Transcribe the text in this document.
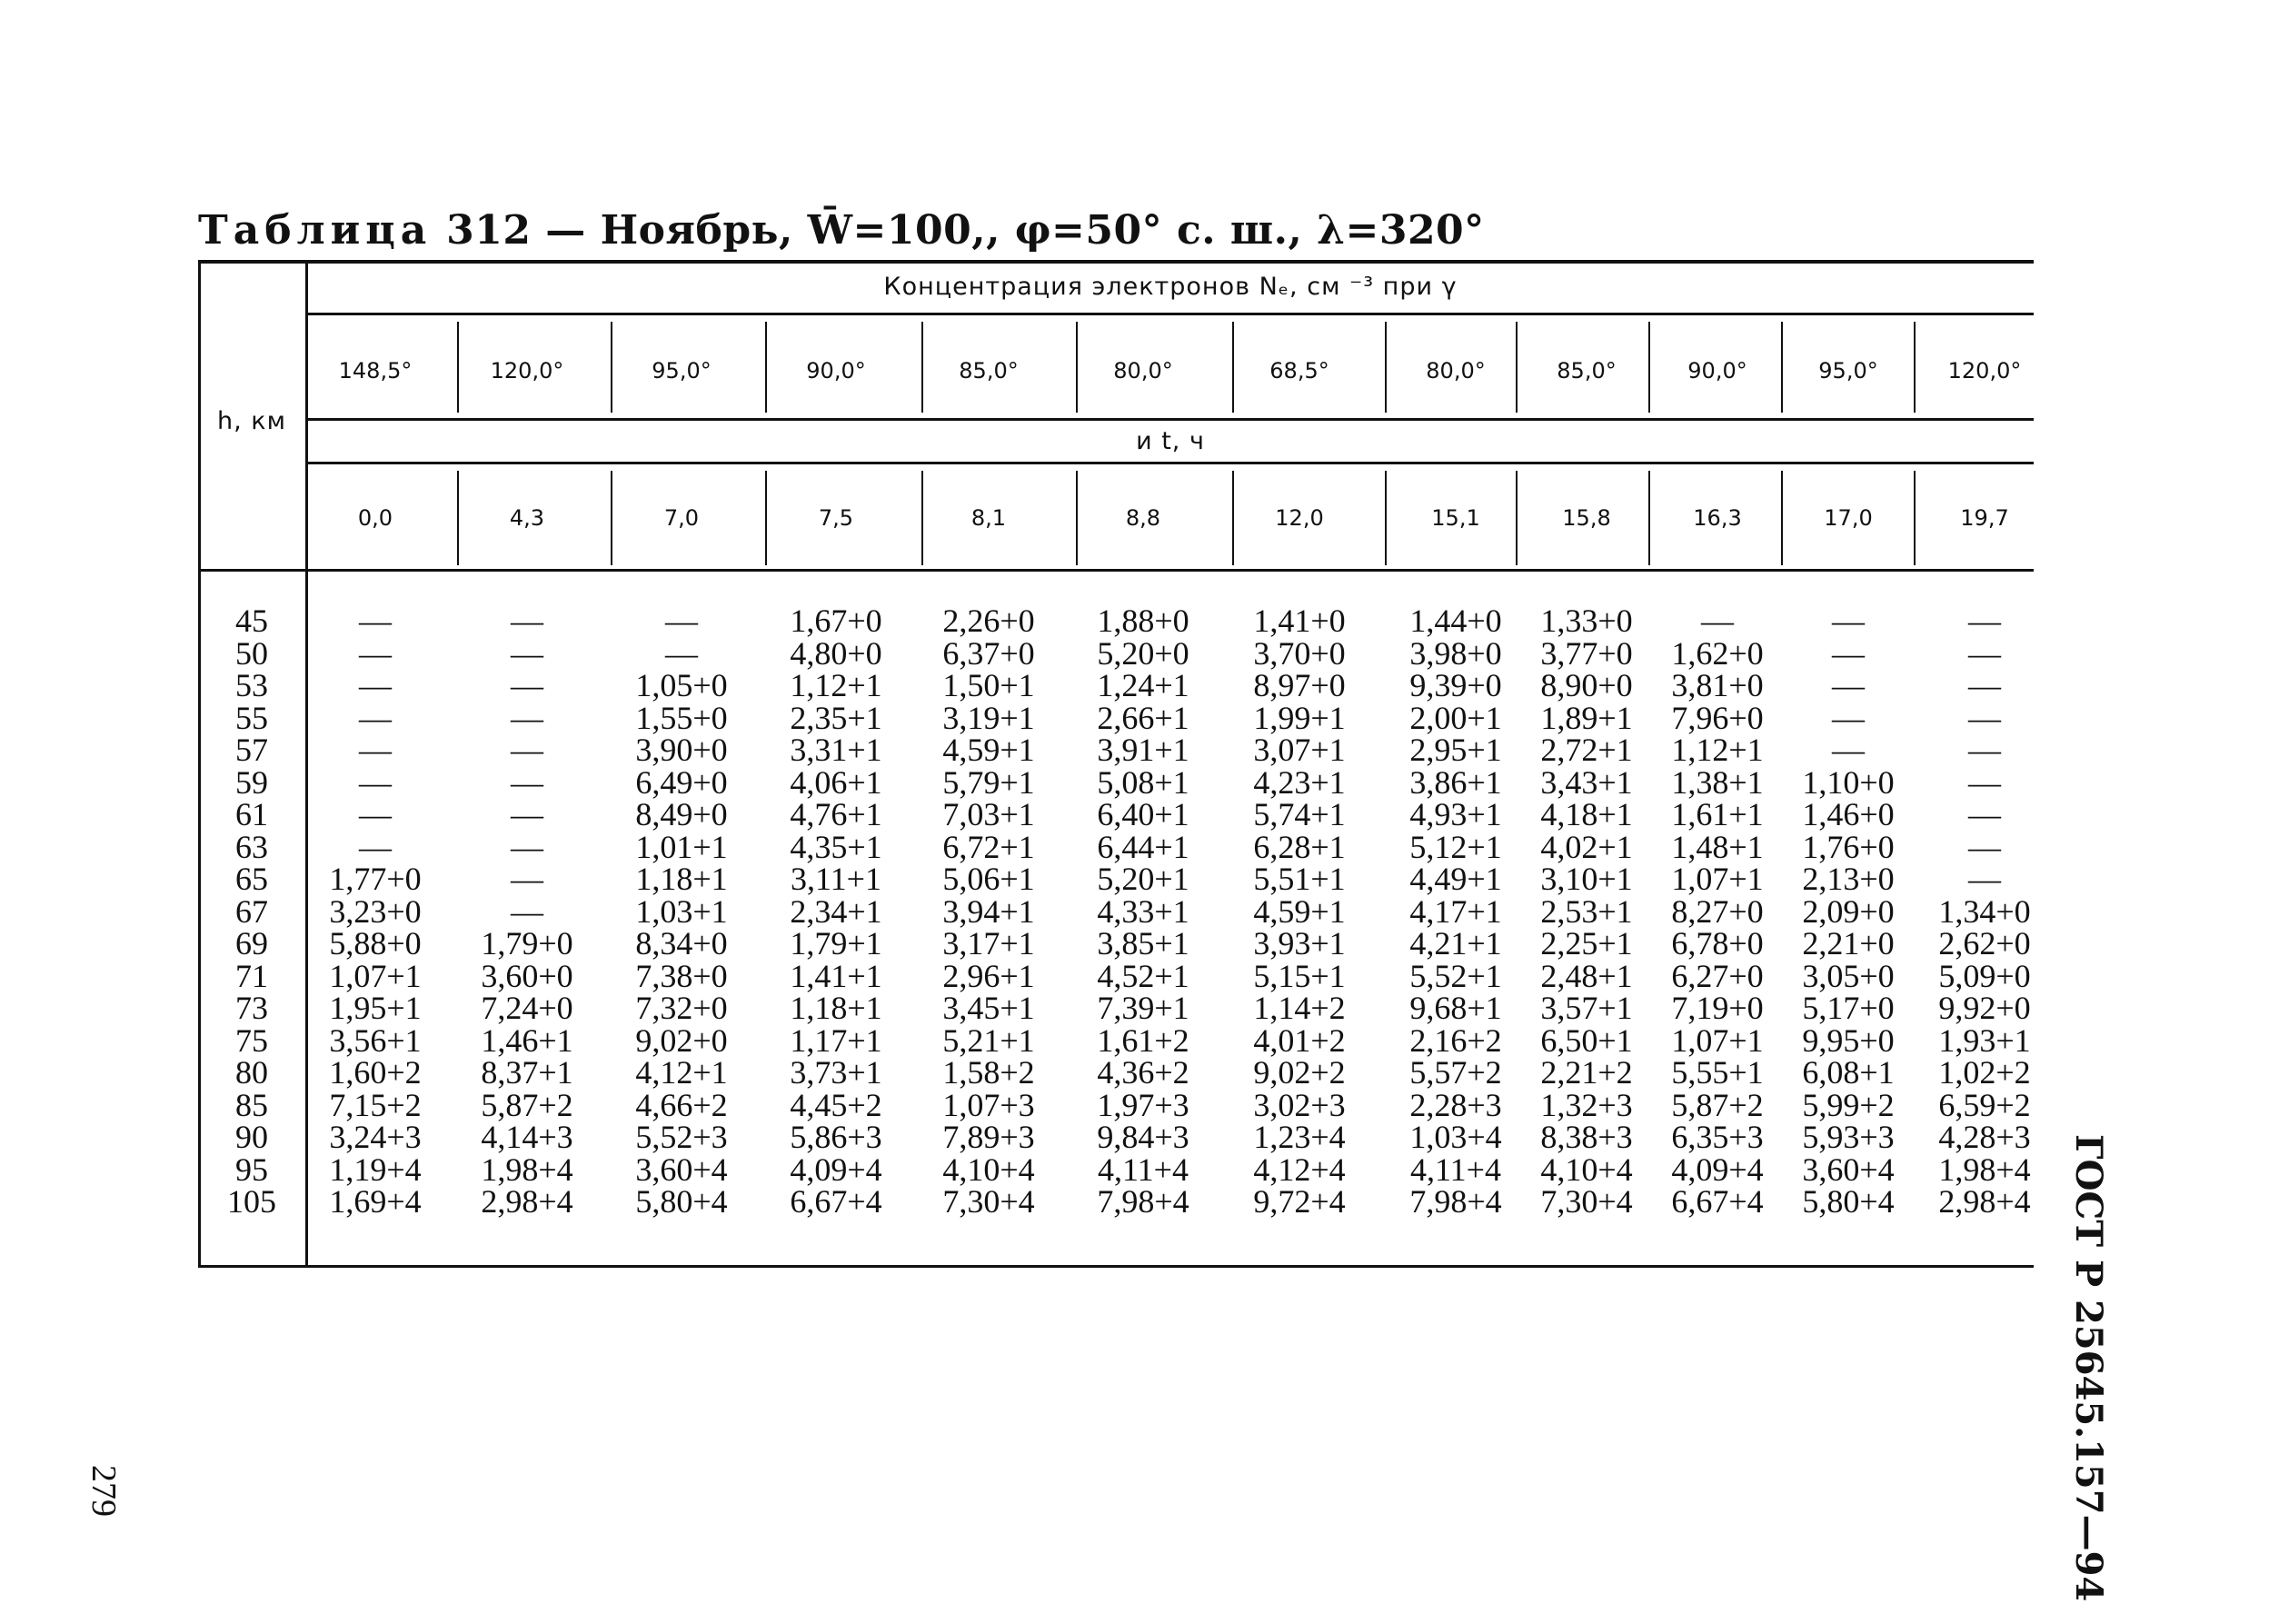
Таблица 312 — Ноябрь, W̄=100,, φ=50° с. ш., λ=320°
h, км
Концентрация электронов Nₑ, см ⁻³ при γ
и t, ч
148,5°	120,0°	95,0°	90,0°	85,0°	80,0°	68,5°	80,0°	85,0°	90,0°	95,0°	120,0°
0,0	4,3	7,0	7,5	8,1	8,8	12,0	15,1	15,8	16,3	17,0	19,7
45	—	—	—	1,67+0	2,26+0	1,88+0	1,41+0	1,44+0	1,33+0	—	—	—
50	—	—	—	4,80+0	6,37+0	5,20+0	3,70+0	3,98+0	3,77+0	1,62+0	—	—
53	—	—	1,05+0	1,12+1	1,50+1	1,24+1	8,97+0	9,39+0	8,90+0	3,81+0	—	—
55	—	—	1,55+0	2,35+1	3,19+1	2,66+1	1,99+1	2,00+1	1,89+1	7,96+0	—	—
57	—	—	3,90+0	3,31+1	4,59+1	3,91+1	3,07+1	2,95+1	2,72+1	1,12+1	—	—
59	—	—	6,49+0	4,06+1	5,79+1	5,08+1	4,23+1	3,86+1	3,43+1	1,38+1	1,10+0	—
61	—	—	8,49+0	4,76+1	7,03+1	6,40+1	5,74+1	4,93+1	4,18+1	1,61+1	1,46+0	—
63	—	—	1,01+1	4,35+1	6,72+1	6,44+1	6,28+1	5,12+1	4,02+1	1,48+1	1,76+0	—
65	1,77+0	—	1,18+1	3,11+1	5,06+1	5,20+1	5,51+1	4,49+1	3,10+1	1,07+1	2,13+0	—
67	3,23+0	—	1,03+1	2,34+1	3,94+1	4,33+1	4,59+1	4,17+1	2,53+1	8,27+0	2,09+0	1,34+0
69	5,88+0	1,79+0	8,34+0	1,79+1	3,17+1	3,85+1	3,93+1	4,21+1	2,25+1	6,78+0	2,21+0	2,62+0
71	1,07+1	3,60+0	7,38+0	1,41+1	2,96+1	4,52+1	5,15+1	5,52+1	2,48+1	6,27+0	3,05+0	5,09+0
73	1,95+1	7,24+0	7,32+0	1,18+1	3,45+1	7,39+1	1,14+2	9,68+1	3,57+1	7,19+0	5,17+0	9,92+0
75	3,56+1	1,46+1	9,02+0	1,17+1	5,21+1	1,61+2	4,01+2	2,16+2	6,50+1	1,07+1	9,95+0	1,93+1
80	1,60+2	8,37+1	4,12+1	3,73+1	1,58+2	4,36+2	9,02+2	5,57+2	2,21+2	5,55+1	6,08+1	1,02+2
85	7,15+2	5,87+2	4,66+2	4,45+2	1,07+3	1,97+3	3,02+3	2,28+3	1,32+3	5,87+2	5,99+2	6,59+2
90	3,24+3	4,14+3	5,52+3	5,86+3	7,89+3	9,84+3	1,23+4	1,03+4	8,38+3	6,35+3	5,93+3	4,28+3
95	1,19+4	1,98+4	3,60+4	4,09+4	4,10+4	4,11+4	4,12+4	4,11+4	4,10+4	4,09+4	3,60+4	1,98+4
105	1,69+4	2,98+4	5,80+4	6,67+4	7,30+4	7,98+4	9,72+4	7,98+4	7,30+4	6,67+4	5,80+4	2,98+4	ГОСТ Р 25645.157—94
279
